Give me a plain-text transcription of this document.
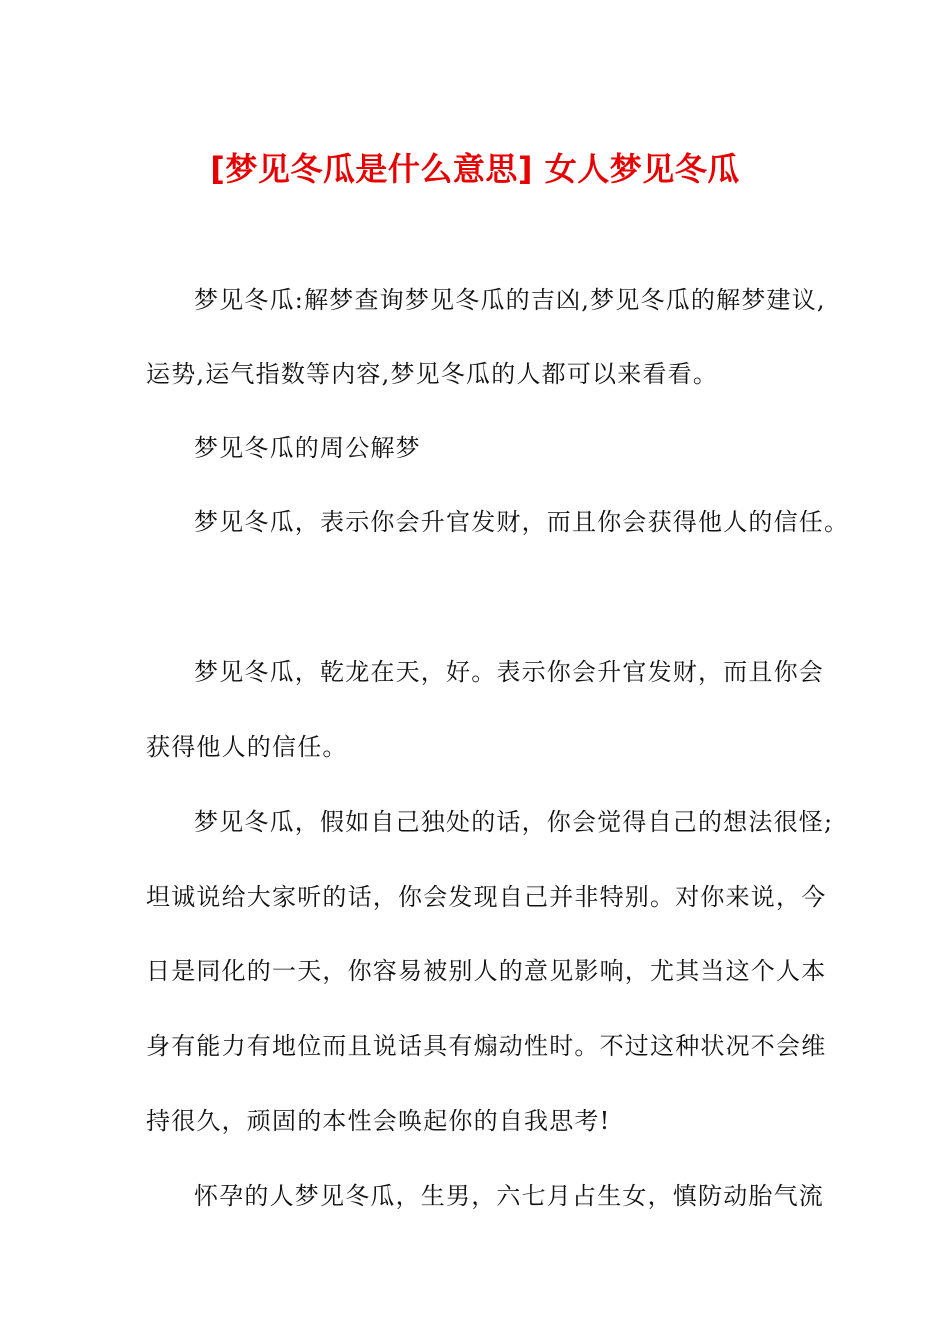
[梦见冬瓜是什么意思] 女人梦见冬瓜

梦见冬瓜:解梦查询梦见冬瓜的吉凶,梦见冬瓜的解梦建议,

运势,运气指数等内容,梦见冬瓜的人都可以来看看。

梦见冬瓜的周公解梦

梦见冬瓜，表示你会升官发财，而且你会获得他人的信任。

梦见冬瓜，乾龙在天，好。表示你会升官发财，而且你会

获得他人的信任。

梦见冬瓜，假如自己独处的话，你会觉得自己的想法很怪;

坦诚说给大家听的话，你会发现自己并非特别。对你来说，今

日是同化的一天，你容易被别人的意见影响，尤其当这个人本

身有能力有地位而且说话具有煽动性时。不过这种状况不会维

持很久，顽固的本性会唤起你的自我思考!

怀孕的人梦见冬瓜，生男，六七月占生女，慎防动胎气流
